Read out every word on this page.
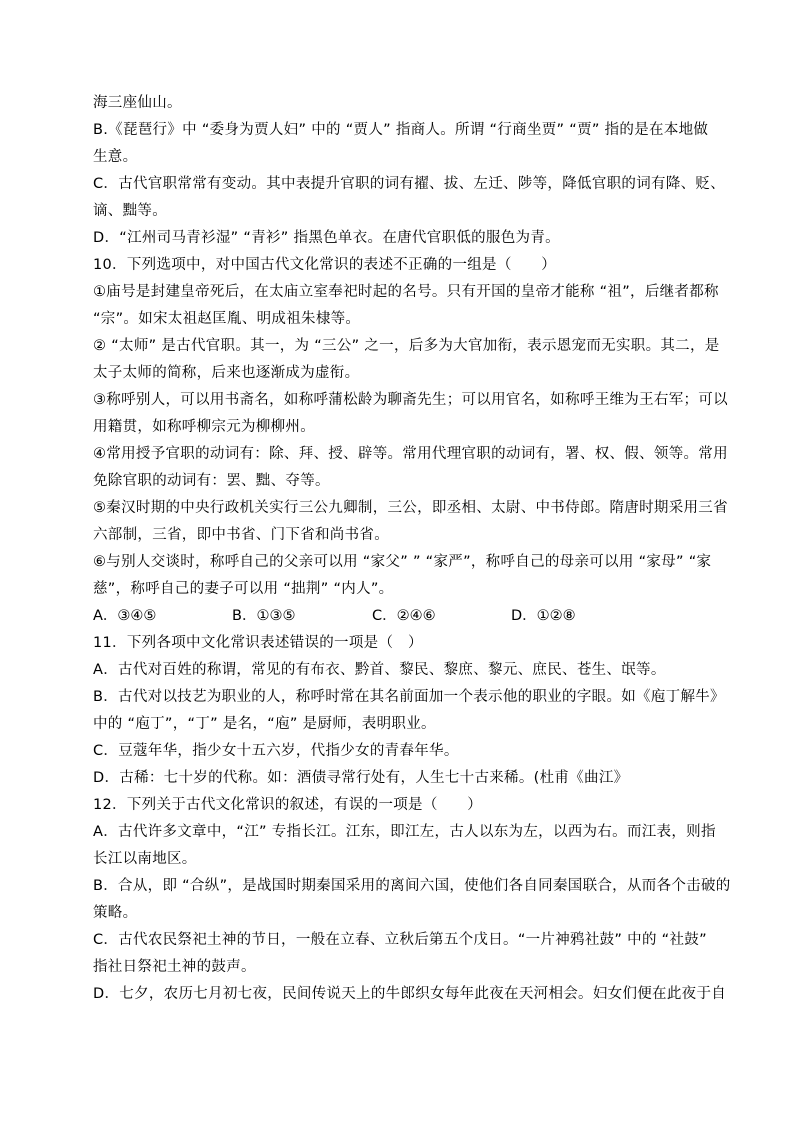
海三座仙山。
B.《琵琶行》中 “委身为贾人妇” 中的 “贾人” 指商人。所谓 “行商坐贾” “贾” 指的是在本地做
生意。
C．古代官职常常有变动。其中表提升官职的词有擢、拔、左迁、陟等，降低官职的词有降、贬、
谪、黜等。
D．“江州司马青衫湿” “青衫” 指黑色单衣。在唐代官职低的服色为青。
10．下列选项中，对中国古代文化常识的表述不正确的一组是（　　）
①庙号是封建皇帝死后，在太庙立室奉祀时起的名号。只有开国的皇帝才能称 “祖”，后继者都称
“宗”。如宋太祖赵匡胤、明成祖朱棣等。
② “太师” 是古代官职。其一，为 “三公” 之一，后多为大官加衔，表示恩宠而无实职。其二，是
太子太师的简称，后来也逐渐成为虚衔。
③称呼别人，可以用书斋名，如称呼蒲松龄为聊斋先生；可以用官名，如称呼王维为王右军；可以
用籍贯，如称呼柳宗元为柳柳州。
④常用授予官职的动词有：除、拜、授、辟等。常用代理官职的动词有，署、权、假、领等。常用
免除官职的动词有：罢、黜、夺等。
⑤秦汉时期的中央行政机关实行三公九卿制，三公，即丞相、太尉、中书侍郎。隋唐时期采用三省
六部制，三省，即中书省、门下省和尚书省。
⑥与别人交谈时，称呼自己的父亲可以用 “家父” ” “家严”，称呼自己的母亲可以用 “家母” “家
慈”，称呼自己的妻子可以用 “拙荆” “内人”。
A．③④⑤	B．①③⑤	C．②④⑥	D．①②⑧
11．下列各项中文化常识表述错误的一项是（　）
A．古代对百姓的称谓，常见的有布衣、黔首、黎民、黎庶、黎元、庶民、苍生、氓等。
B．古代对以技艺为职业的人，称呼时常在其名前面加一个表示他的职业的字眼。如《庖丁解牛》
中的 “庖丁”，“丁” 是名，“庖” 是厨师，表明职业。
C．豆蔻年华，指少女十五六岁，代指少女的青春年华。
D．古稀：七十岁的代称。如：酒债寻常行处有，人生七十古来稀。(杜甫《曲江》
12．下列关于古代文化常识的叙述，有误的一项是（　　）
A．古代许多文章中，“江” 专指长江。江东，即江左，古人以东为左，以西为右。而江表，则指
长江以南地区。
B．合从，即 “合纵”，是战国时期秦国采用的离间六国，使他们各自同秦国联合，从而各个击破的
策略。
C．古代农民祭祀土神的节日，一般在立春、立秋后第五个戊日。“一片神鸦社鼓” 中的 “社鼓”
指社日祭祀土神的鼓声。
D．七夕，农历七月初七夜，民间传说天上的牛郎织女每年此夜在天河相会。妇女们便在此夜于自
